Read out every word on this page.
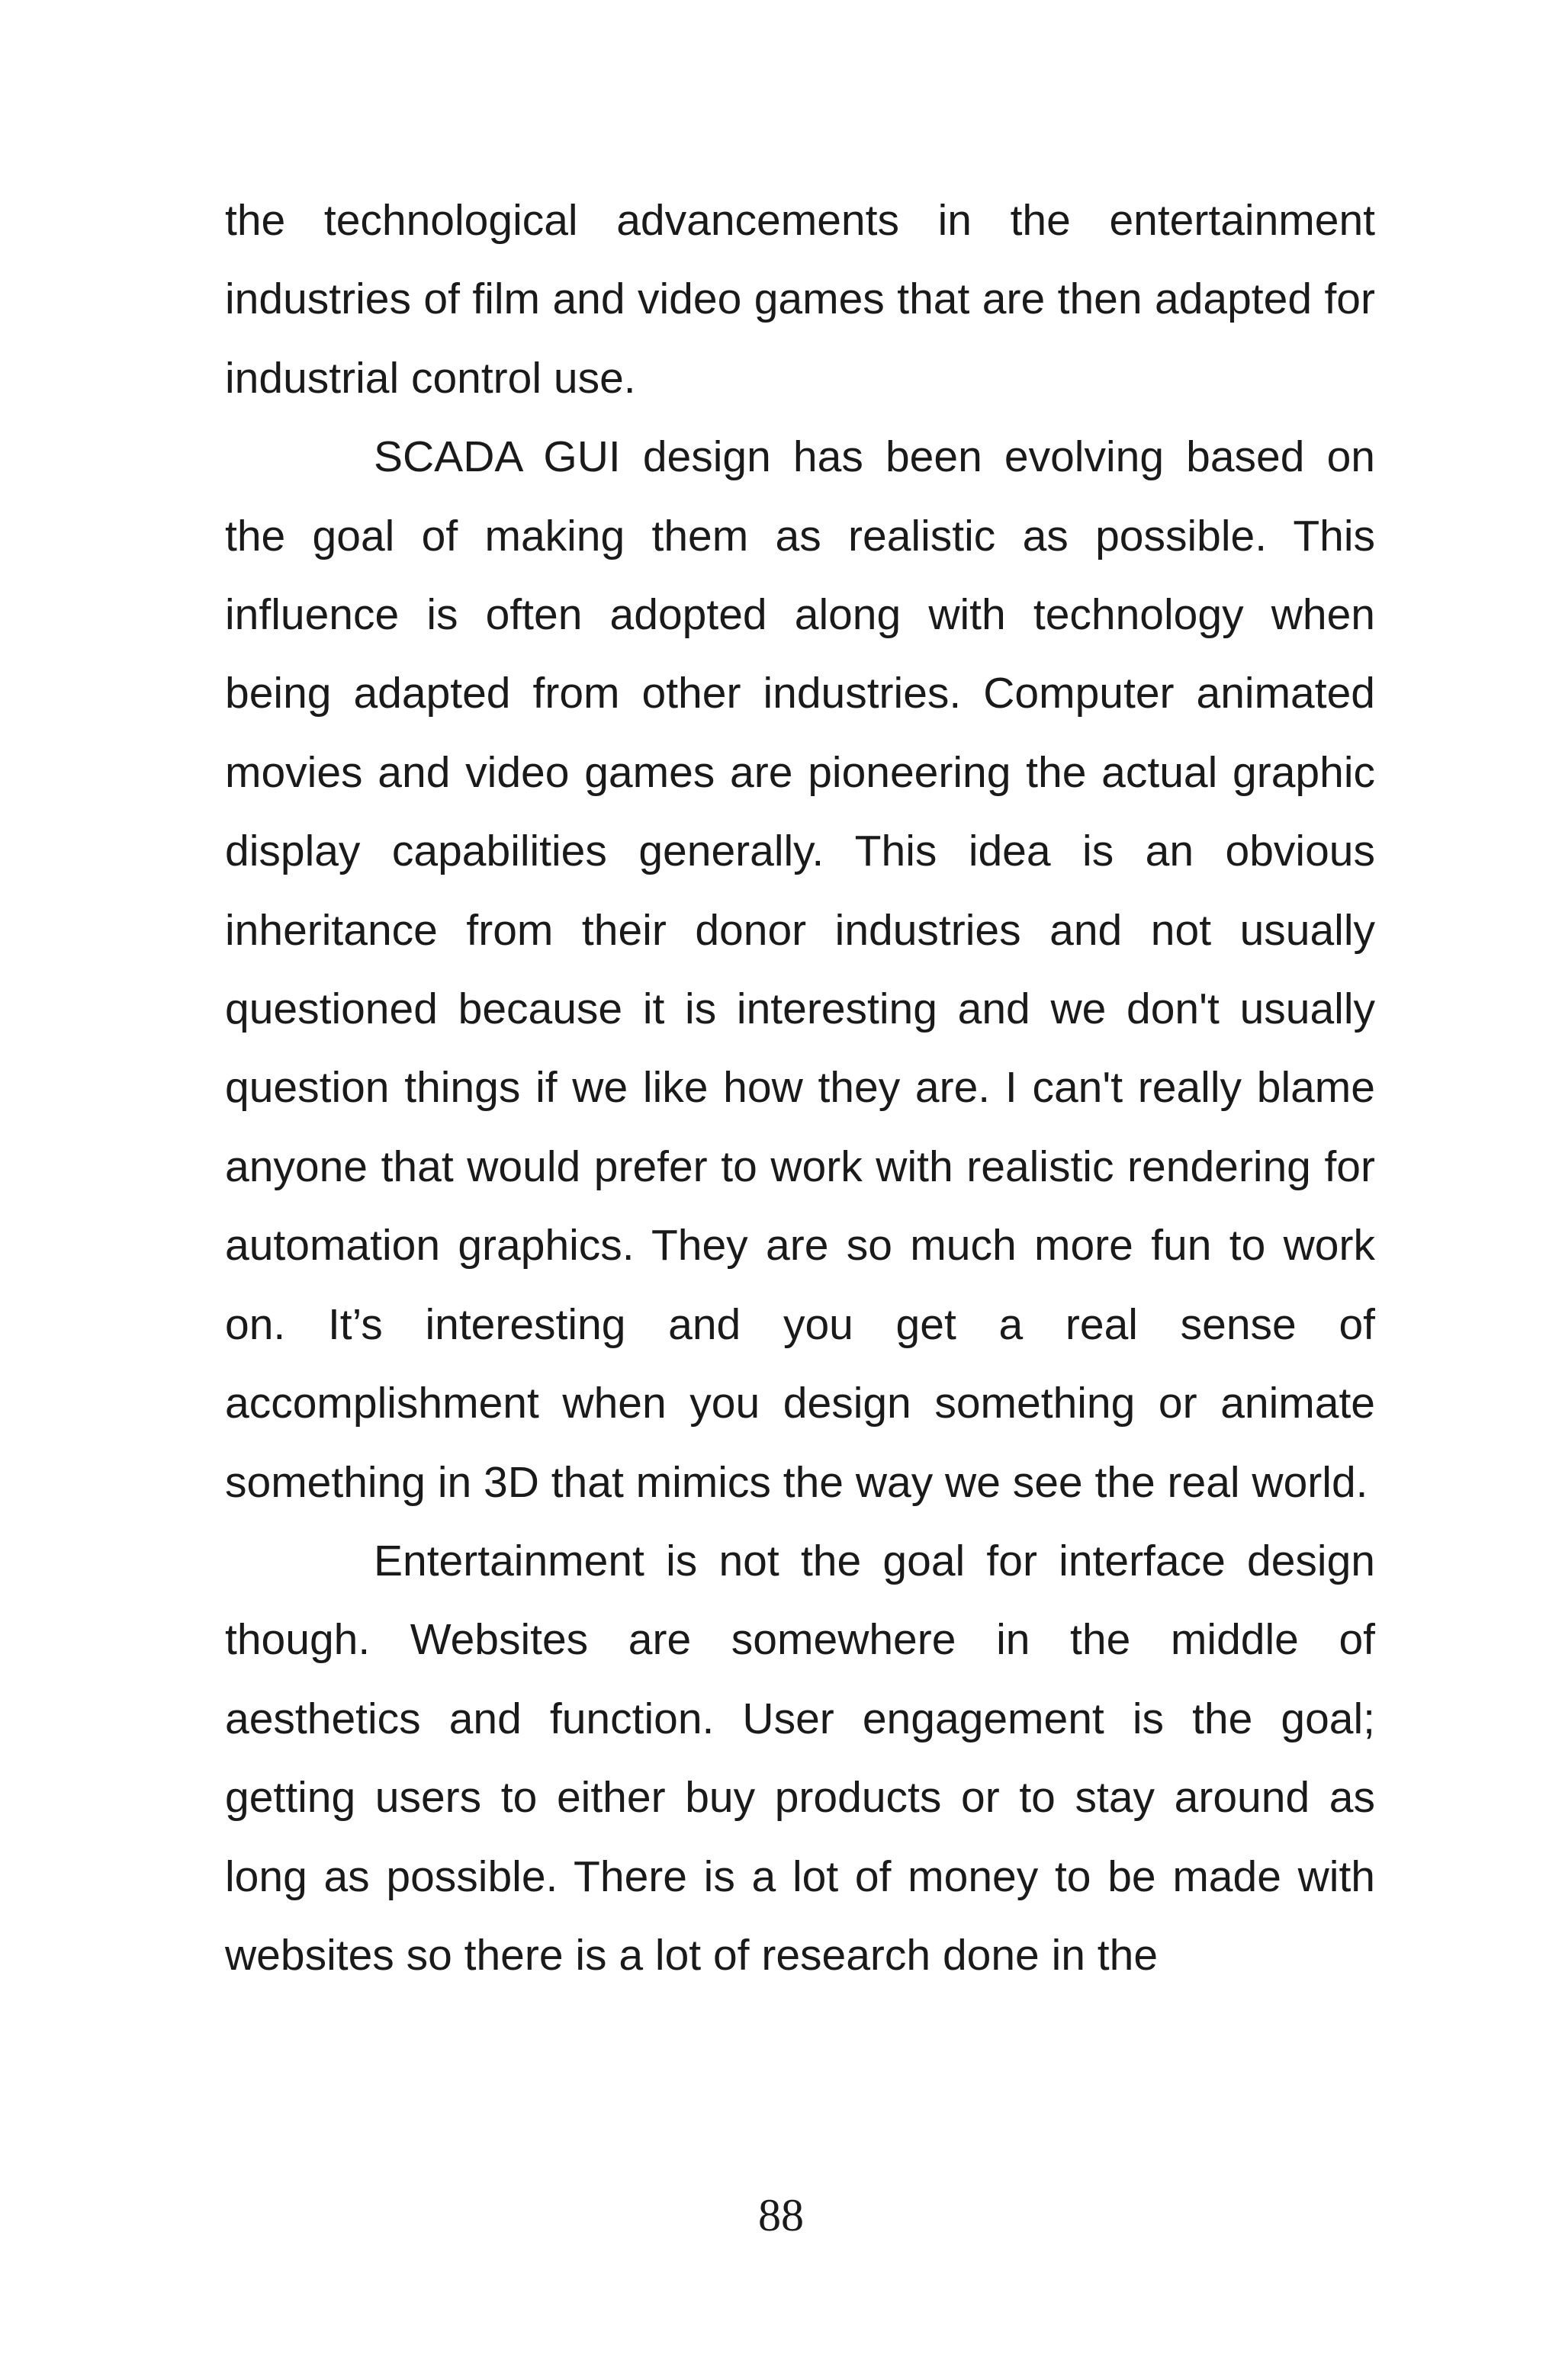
the technological advancements in the entertainment industries of film and video games that are then adapted for industrial control use.

SCADA GUI design has been evolving based on the goal of making them as realistic as possible. This influence is often adopted along with technology when being adapted from other industries. Computer animated movies and video games are pioneering the actual graphic display capabilities generally. This idea is an obvious inheritance from their donor industries and not usually questioned because it is interesting and we don't usually question things if we like how they are. I can't really blame anyone that would prefer to work with realistic rendering for automation graphics. They are so much more fun to work on. It’s interesting and you get a real sense of accomplishment when you design something or animate something in 3D that mimics the way we see the real world.

Entertainment is not the goal for interface design though. Websites are somewhere in the middle of aesthetics and function. User engagement is the goal; getting users to either buy products or to stay around as long as possible. There is a lot of money to be made with websites so there is a lot of research done in the

88
